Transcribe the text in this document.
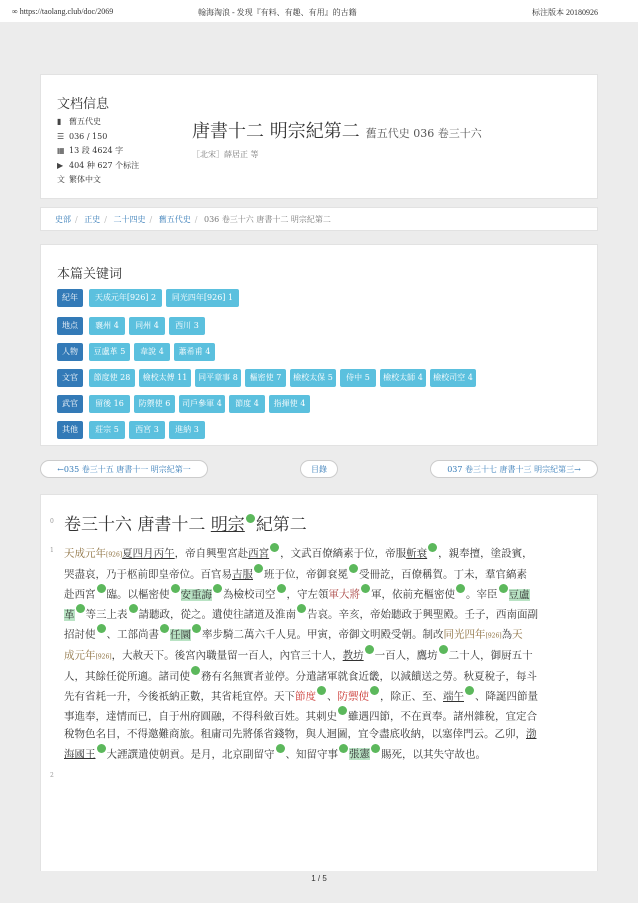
∞ https://taolang.club/doc/2069	翰海淘浪 - 发现『有料、有趣、有用』的古籍	标注版本 20180926
文档信息
▮ 舊五代史
☰ 036 / 150
▦ 13 段 4624 字
▶ 404 种 627 个标注
文 繁体中文
唐書十二 明宗紀第二 舊五代史 036 卷三十六
［北宋］薛居正 等
史部 / 正史 / 二十四史 / 舊五代史 / 036 卷三十六 唐書十二 明宗紀第二
本篇关键词
紀年	天成元年[926] 2	同光四年[926] 1
地点	襄州 4	同州 4	西川 3
人物	豆盧革 5	韋說 4	蕭希甫 4
文官	節度使 28	檢校太傅 11	同平章事 8	樞密使 7	檢校太保 5	侍中 5	檢校太師 4	檢校司空 4
武官	留後 16	防禦使 6	司戶參軍 4	節度 4	指揮使 4
其他	莊宗 5	西宮 3	進納 3
←035 卷三十五 唐書十一 明宗紀第一	目錄	037 卷三十七 唐書十三 明宗紀第三→
0 卷三十六 唐書十二 明宗 紀第二
1 天成元年[926]夏四月丙午，帝自興聖宮赴西宮 ，文武百僚縞素于位，帝服斬衰 ，親奉擅，塗設賓，
哭盡哀，乃于柩前即皇帝位。百官易吉服 班于位，帝御袞冕 受冊訖，百僚稱賀。丁未，羣官縞素
赴西宮 臨。以樞密使 安重誨 為檢校司空 ，守左領軍大將 軍，依前充樞密使 。宰臣 豆盧
革 等三上表 請聽政，從之。遺使往諸道及淮南 告哀。辛亥，帝始聽政于興聖殿。壬子，西南面副
招討使 、工部尚書 任圜 率步騎二萬六千人見。甲寅，帝御文明殿受朝。制改同光四年[926]為天
成元年[926]，大赦天下。後宮內職量留一百人，內官三十人，教坊 一百人，鷹坊 二十人，御厨五十
人，其餘任從所適。諸司使 務有名無實者並停。分遣諸軍就食近畿，以減饋送之勞。秋夏稅子，每斗
先有省耗一升，今後祇納正數，其省耗宜停。天下節度 、防禦使 ，除正、至、端午 、降誕四節量
事進奉，達情而已，自于州府圓融，不得科斂百姓。其刺史 雖遇四節，不在貢奉。諸州雜稅，宜定合
稅物色名目，不得邀難商旅。租庸司先將係省錢物，與人迴圖，宜令盡底收納，以塞倖門云。乙卯，渤
海國王 大諲譔遣使朝貢。是月，北京副留守 、知留守事 張憲 賜死，以其失守故也。
2
1 / 5
